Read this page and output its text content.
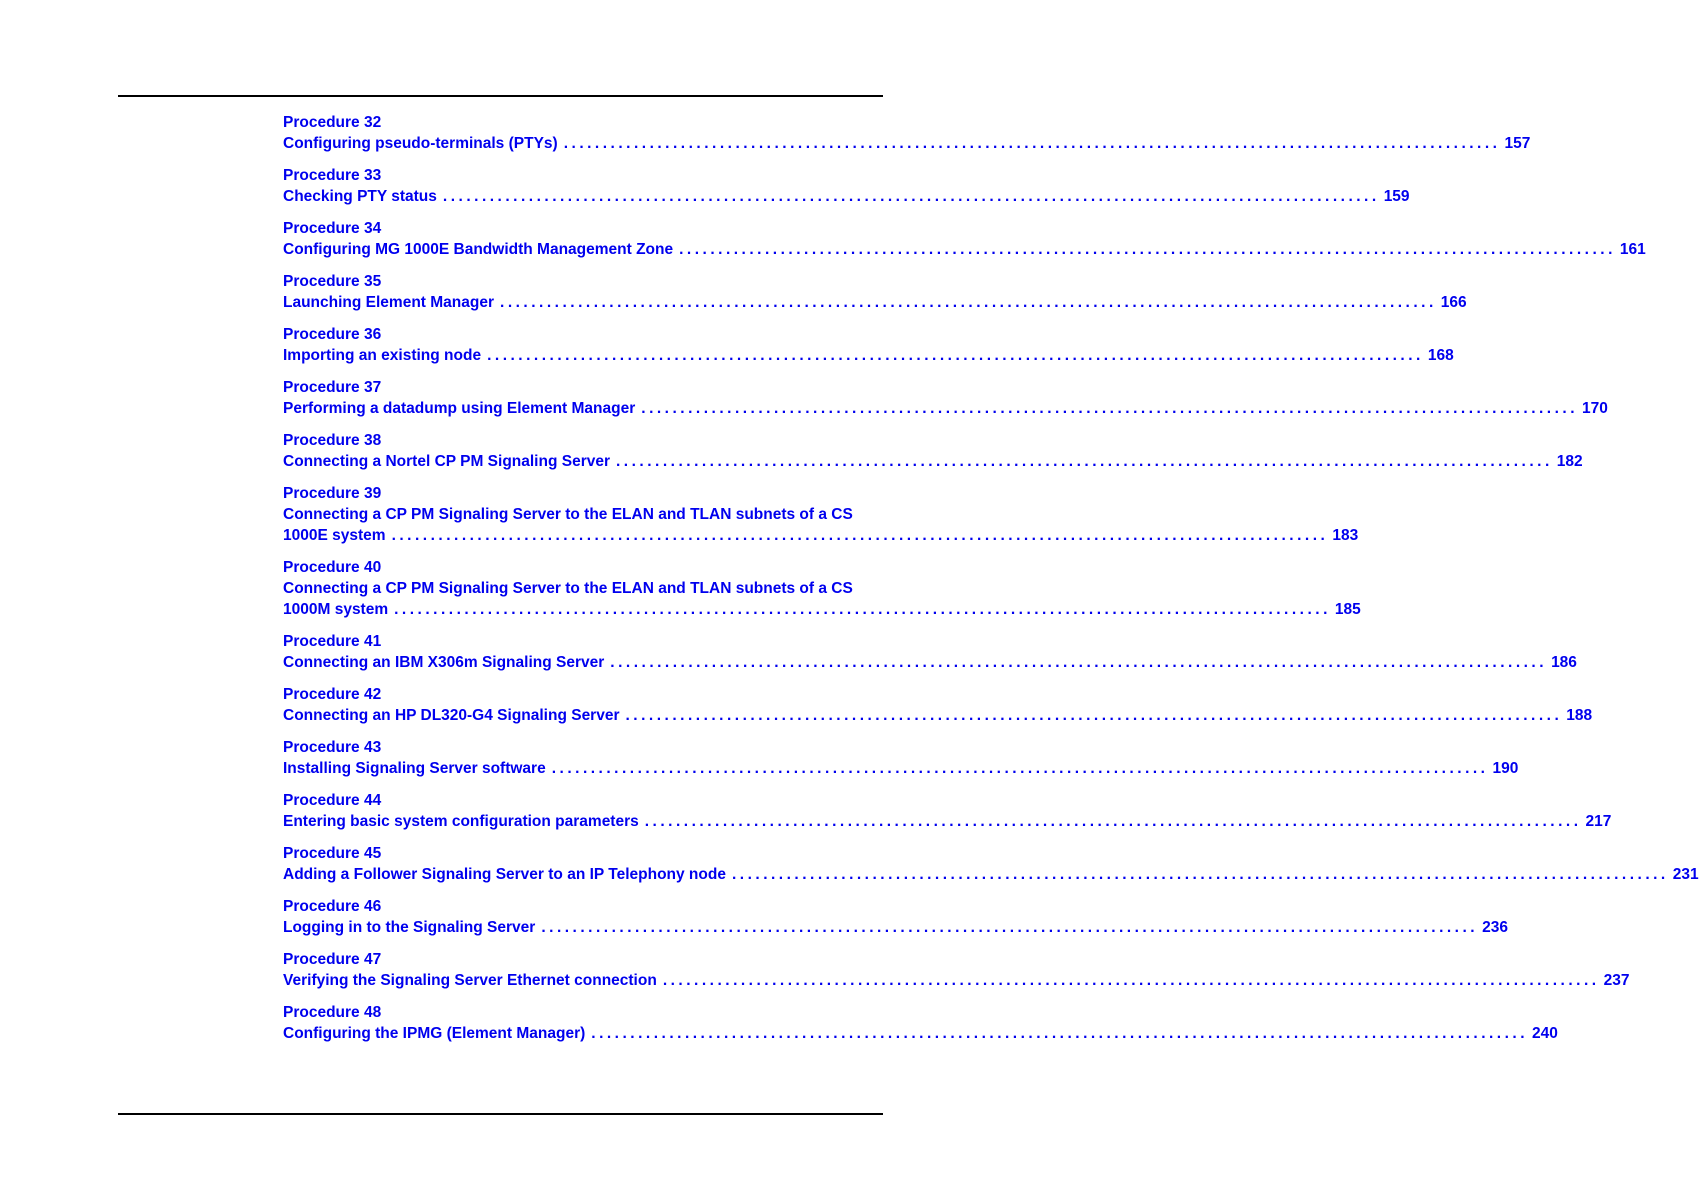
Procedure 32
Configuring pseudo-terminals (PTYs) ........................................................................................................................ 157
Procedure 33
Checking PTY status ........................................................................................................................ 159
Procedure 34
Configuring MG 1000E Bandwidth Management Zone ........................................................................................................................ 161
Procedure 35
Launching Element Manager ........................................................................................................................ 166
Procedure 36
Importing an existing node ........................................................................................................................ 168
Procedure 37
Performing a datadump using Element Manager ........................................................................................................................ 170
Procedure 38
Connecting a Nortel CP PM Signaling Server ........................................................................................................................ 182
Procedure 39
Connecting a CP PM Signaling Server to the ELAN and TLAN subnets of a CS
1000E system ........................................................................................................................ 183
Procedure 40
Connecting a CP PM Signaling Server to the ELAN and TLAN subnets of a CS
1000M system ........................................................................................................................ 185
Procedure 41
Connecting an IBM X306m Signaling Server ........................................................................................................................ 186
Procedure 42
Connecting an HP DL320-G4 Signaling Server ........................................................................................................................ 188
Procedure 43
Installing Signaling Server software ........................................................................................................................ 190
Procedure 44
Entering basic system configuration parameters ........................................................................................................................ 217
Procedure 45
Adding a Follower Signaling Server to an IP Telephony node ........................................................................................................................ 231
Procedure 46
Logging in to the Signaling Server ........................................................................................................................ 236
Procedure 47
Verifying the Signaling Server Ethernet connection ........................................................................................................................ 237
Procedure 48
Configuring the IPMG (Element Manager) ........................................................................................................................ 240
